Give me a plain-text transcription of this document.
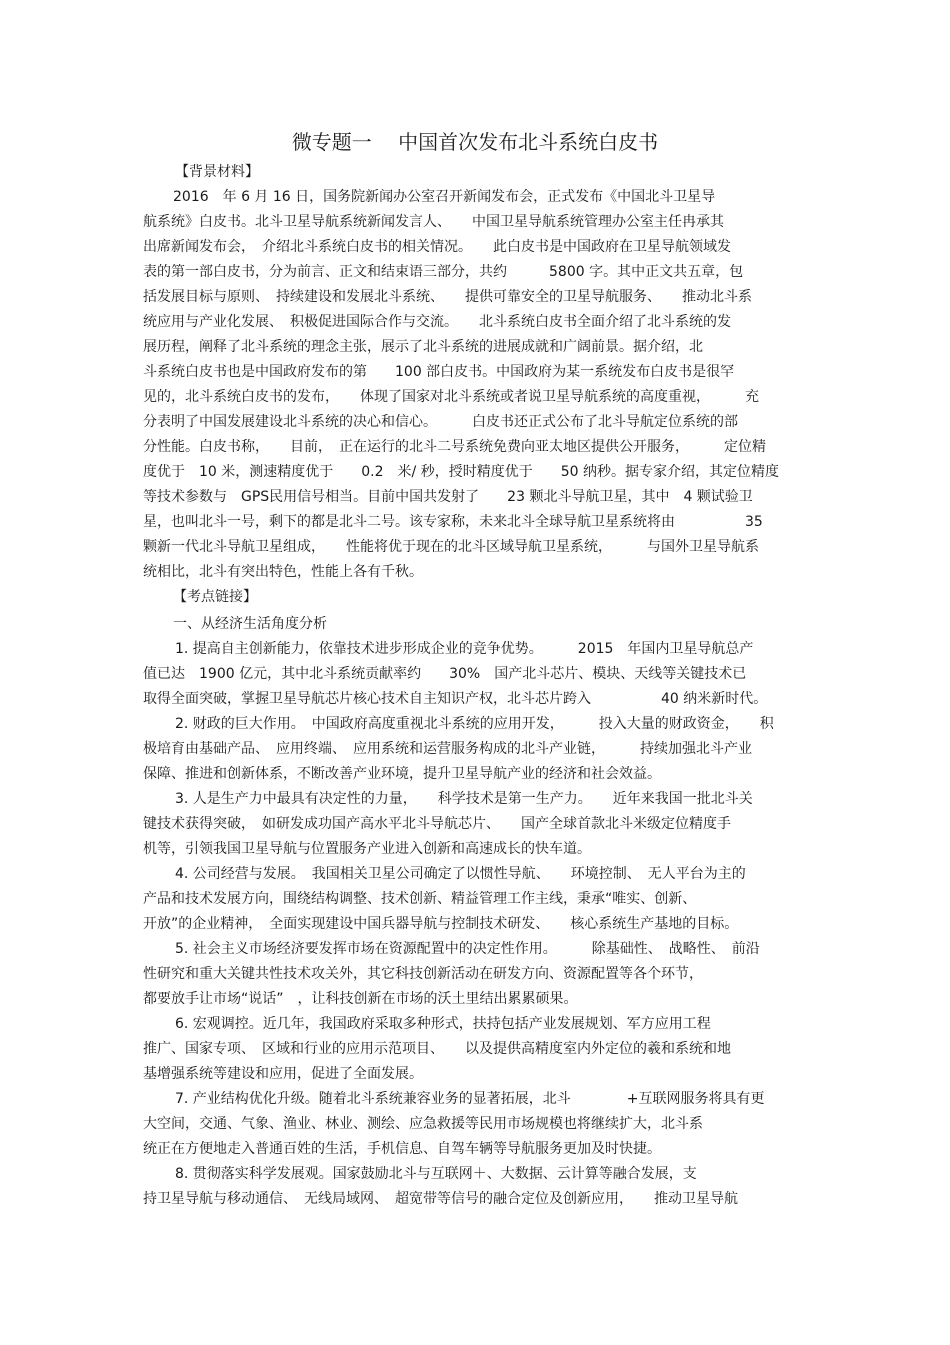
微专题一　 中国首次发布北斗系统白皮书
【背景材料】
2016　年 6 月 16 日，国务院新闻办公室召开新闻发布会，正式发布《中国北斗卫星导
航系统》白皮书。北斗卫星导航系统新闻发言人、　　中国卫星导航系统管理办公室主任冉承其
出席新闻发布会，　介绍北斗系统白皮书的相关情况。　　此白皮书是中国政府在卫星导航领域发
表的第一部白皮书，分为前言、正文和结束语三部分，共约　　　5800 字。其中正文共五章，包
括发展目标与原则、　持续建设和发展北斗系统、　　提供可靠安全的卫星导航服务、　　推动北斗系
统应用与产业化发展、　积极促进国际合作与交流。　　北斗系统白皮书全面介绍了北斗系统的发
展历程，阐释了北斗系统的理念主张，展示了北斗系统的进展成就和广阔前景。据介绍，北
斗系统白皮书也是中国政府发布的第　　100 部白皮书。中国政府为某一系统发布白皮书是很罕
见的，北斗系统白皮书的发布，　　体现了国家对北斗系统或者说卫星导航系统的高度重视，　　　充
分表明了中国发展建设北斗系统的决心和信心。　　　白皮书还正式公布了北斗导航定位系统的部
分性能。白皮书称，　　目前，　正在运行的北斗二号系统免费向亚太地区提供公开服务，　　　定位精
度优于　10 米，测速精度优于　　0.2　米/ 秒，授时精度优于　　50 纳秒。据专家介绍，其定位精度
等技术参数与　GPS民用信号相当。目前中国共发射了　　23 颗北斗导航卫星，其中　4 颗试验卫
星，也叫北斗一号，剩下的都是北斗二号。该专家称，未来北斗全球导航卫星系统将由　　　　　35
颗新一代北斗导航卫星组成，　　性能将优于现在的北斗区域导航卫星系统，　　　与国外卫星导航系
统相比，北斗有突出特色，性能上各有千秋。
【考点链接】
一、从经济生活角度分析
1. 提高自主创新能力，依靠技术进步形成企业的竞争优势。　　　2015　年国内卫星导航总产
值已达　1900 亿元，其中北斗系统贡献率约　　30%　国产北斗芯片、模块、天线等关键技术已
取得全面突破，掌握卫星导航芯片核心技术自主知识产权，北斗芯片跨入　　　　　40 纳米新时代。
2. 财政的巨大作用。　中国政府高度重视北斗系统的应用开发，　　　投入大量的财政资金，　　积
极培育由基础产品、　应用终端、　应用系统和运营服务构成的北斗产业链，　　　持续加强北斗产业
保障、推进和创新体系，不断改善产业环境，提升卫星导航产业的经济和社会效益。
3. 人是生产力中最具有决定性的力量，　　科学技术是第一生产力。　　近年来我国一批北斗关
键技术获得突破，　如研发成功国产高水平北斗导航芯片、　　国产全球首款北斗米级定位精度手
机等，引领我国卫星导航与位置服务产业进入创新和高速成长的快车道。
4. 公司经营与发展。　我国相关卫星公司确定了以惯性导航、　　环境控制、　无人平台为主的
产品和技术发展方向，围绕结构调整、技术创新、精益管理工作主线，秉承“唯实、创新、
开放”的企业精神，　全面实现建设中国兵器导航与控制技术研发、　　核心系统生产基地的目标。
5. 社会主义市场经济要发挥市场在资源配置中的决定性作用。　　　除基础性、　战略性、　前沿
性研究和重大关键共性技术攻关外，其它科技创新活动在研发方向、资源配置等各个环节，
都要放手让市场“说话”　，让科技创新在市场的沃土里结出累累硕果。
6. 宏观调控。近几年，我国政府采取多种形式，扶持包括产业发展规划、军方应用工程
推广、国家专项、　区域和行业的应用示范项目、　　以及提供高精度室内外定位的羲和系统和地
基增强系统等建设和应用，促进了全面发展。
7. 产业结构优化升级。随着北斗系统兼容业务的显著拓展，北斗　　　　+互联网服务将具有更
大空间，交通、气象、渔业、林业、测绘、应急救援等民用市场规模也将继续扩大，北斗系
统正在方便地走入普通百姓的生活，手机信息、自驾车辆等导航服务更加及时快捷。
8. 贯彻落实科学发展观。国家鼓励北斗与互联网＋、大数据、云计算等融合发展，支
持卫星导航与移动通信、　无线局域网、　超宽带等信号的融合定位及创新应用，　　推动卫星导航
